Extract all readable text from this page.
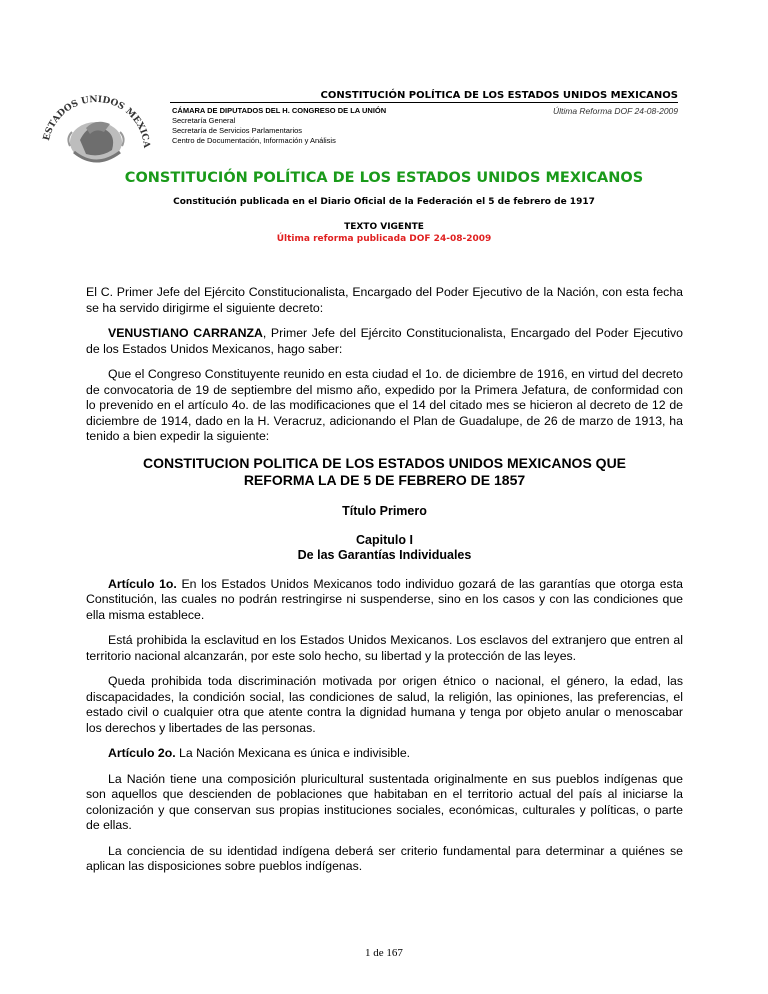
ESTADOS UNIDOS MEXICA
CONSTITUCIÓN POLÍTICA DE LOS ESTADOS UNIDOS MEXICANOS
CÁMARA DE DIPUTADOS DEL H. CONGRESO DE LA UNIÓN
Secretaría General
Secretaría de Servicios Parlamentarios
Centro de Documentación, Información y Análisis
Última Reforma DOF 24-08-2009
CONSTITUCIÓN POLÍTICA DE LOS ESTADOS UNIDOS MEXICANOS
Constitución publicada en el Diario Oficial de la Federación el 5 de febrero de 1917
TEXTO VIGENTE
Última reforma publicada DOF 24-08-2009

El C. Primer Jefe del Ejército Constitucionalista, Encargado del Poder Ejecutivo de la Nación, con esta fecha se ha servido dirigirme el siguiente decreto:

VENUSTIANO CARRANZA, Primer Jefe del Ejército Constitucionalista, Encargado del Poder Ejecutivo de los Estados Unidos Mexicanos, hago saber:

Que el Congreso Constituyente reunido en esta ciudad el 1o. de diciembre de 1916, en virtud del decreto de convocatoria de 19 de septiembre del mismo año, expedido por la Primera Jefatura, de conformidad con lo prevenido en el artículo 4o. de las modificaciones que el 14 del citado mes se hicieron al decreto de 12 de diciembre de 1914, dado en la H. Veracruz, adicionando el Plan de Guadalupe, de 26 de marzo de 1913, ha tenido a bien expedir la siguiente:

CONSTITUCION POLITICA DE LOS ESTADOS UNIDOS MEXICANOS QUE REFORMA LA DE 5 DE FEBRERO DE 1857
Título Primero
Capitulo I
De las Garantías Individuales

Artículo 1o. En los Estados Unidos Mexicanos todo individuo gozará de las garantías que otorga esta Constitución, las cuales no podrán restringirse ni suspenderse, sino en los casos y con las condiciones que ella misma establece.

Está prohibida la esclavitud en los Estados Unidos Mexicanos. Los esclavos del extranjero que entren al territorio nacional alcanzarán, por este solo hecho, su libertad y la protección de las leyes.

Queda prohibida toda discriminación motivada por origen étnico o nacional, el género, la edad, las discapacidades, la condición social, las condiciones de salud, la religión, las opiniones, las preferencias, el estado civil o cualquier otra que atente contra la dignidad humana y tenga por objeto anular o menoscabar los derechos y libertades de las personas.

Artículo 2o. La Nación Mexicana es única e indivisible.

La Nación tiene una composición pluricultural sustentada originalmente en sus pueblos indígenas que son aquellos que descienden de poblaciones que habitaban en el territorio actual del país al iniciarse la colonización y que conservan sus propias instituciones sociales, económicas, culturales y políticas, o parte de ellas.

La conciencia de su identidad indígena deberá ser criterio fundamental para determinar a quiénes se aplican las disposiciones sobre pueblos indígenas.

1 de 167
